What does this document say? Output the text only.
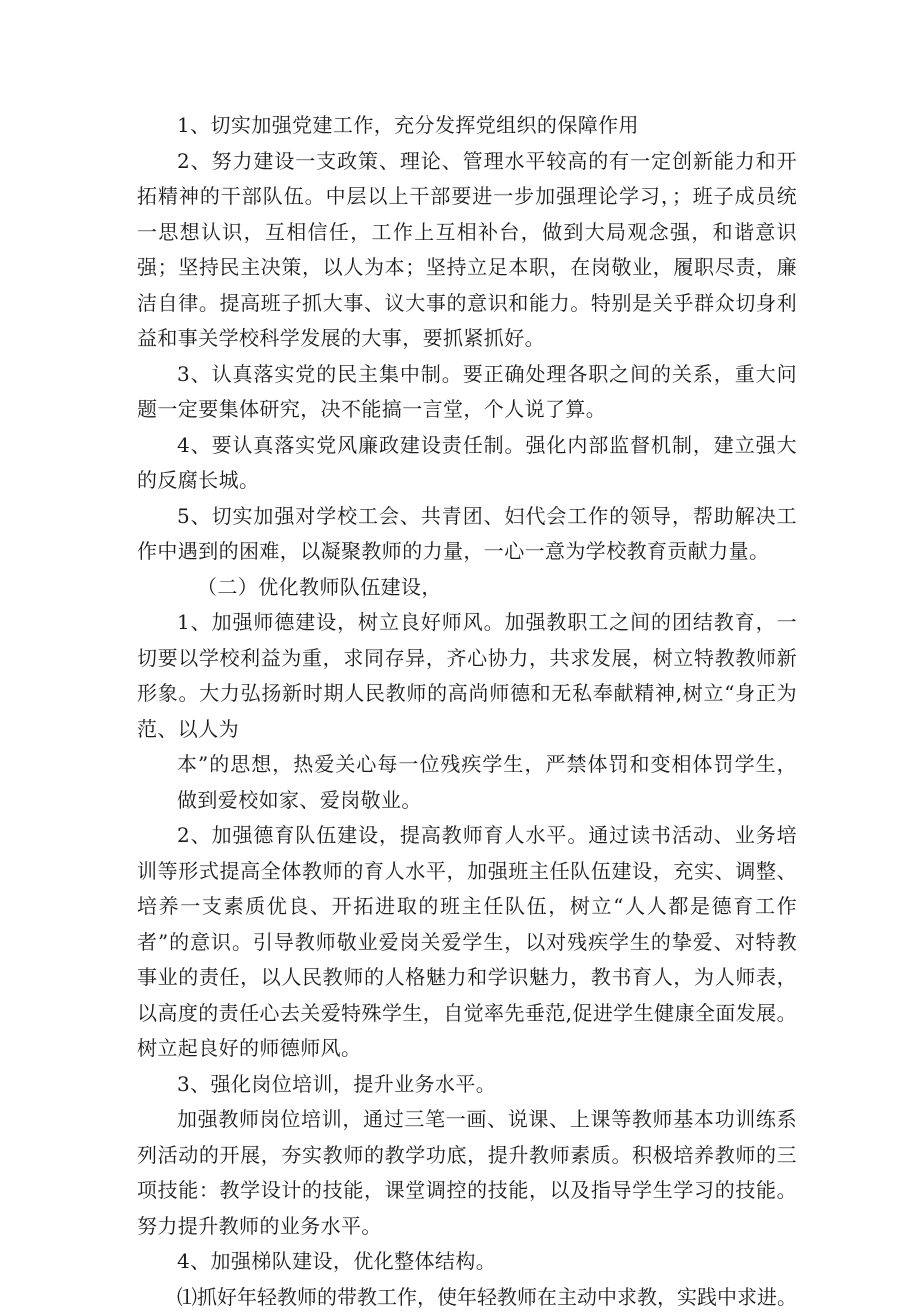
1、切实加强党建工作，充分发挥党组织的保障作用

2、努力建设一支政策、理论、管理水平较高的有一定创新能力和开拓精神的干部队伍。中层以上干部要进一步加强理论学习，；班子成员统一思想认识，互相信任，工作上互相补台，做到大局观念强，和谐意识强；坚持民主决策，以人为本；坚持立足本职，在岗敬业，履职尽责，廉洁自律。提高班子抓大事、议大事的意识和能力。特别是关乎群众切身利益和事关学校科学发展的大事，要抓紧抓好。

3、认真落实党的民主集中制。要正确处理各职之间的关系，重大问题一定要集体研究，决不能搞一言堂，个人说了算。

4、要认真落实党风廉政建设责任制。强化内部监督机制，建立强大的反腐长城。

5、切实加强对学校工会、共青团、妇代会工作的领导，帮助解决工作中遇到的困难，以凝聚教师的力量，一心一意为学校教育贡献力量。

（二）优化教师队伍建设，

1、加强师德建设，树立良好师风。加强教职工之间的团结教育，一切要以学校利益为重，求同存异，齐心协力，共求发展，树立特教教师新形象。大力弘扬新时期人民教师的高尚师德和无私奉献精神,树立“身正为范、以人为

本”的思想，热爱关心每一位残疾学生，严禁体罚和变相体罚学生，做到爱校如家、爱岗敬业。

2、加强德育队伍建设，提高教师育人水平。通过读书活动、业务培训等形式提高全体教师的育人水平，加强班主任队伍建设，充实、调整、培养一支素质优良、开拓进取的班主任队伍，树立“人人都是德育工作者”的意识。引导教师敬业爱岗关爱学生，以对残疾学生的挚爱、对特教事业的责任，以人民教师的人格魅力和学识魅力，教书育人，为人师表，以高度的责任心去关爱特殊学生，自觉率先垂范,促进学生健康全面发展。树立起良好的师德师风。

3、强化岗位培训，提升业务水平。

加强教师岗位培训，通过三笔一画、说课、上课等教师基本功训练系列活动的开展，夯实教师的教学功底，提升教师素质。积极培养教师的三项技能：教学设计的技能，课堂调控的技能，以及指导学生学习的技能。努力提升教师的业务水平。

4、加强梯队建设，优化整体结构。

⑴抓好年轻教师的带教工作，使年轻教师在主动中求教，实践中求进。
